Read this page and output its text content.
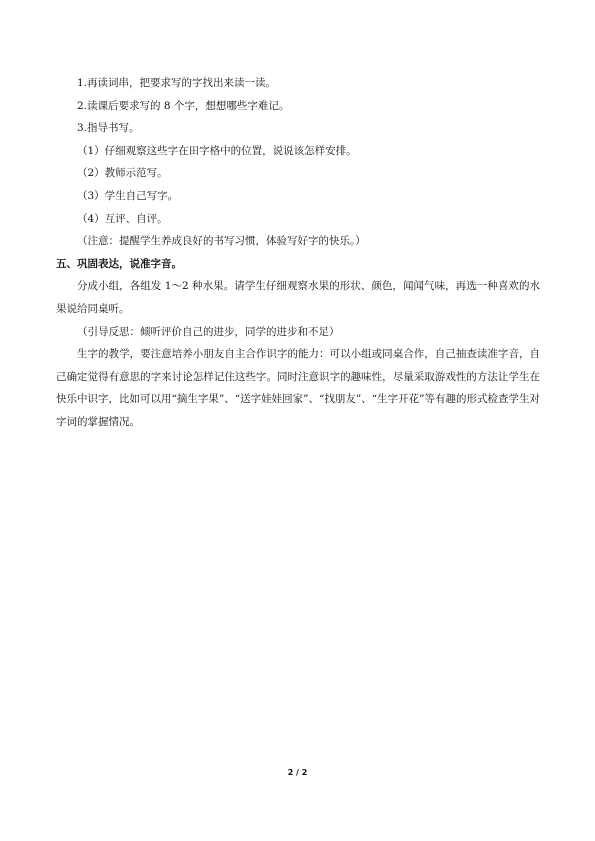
1.再读词串，把要求写的字找出来读一读。

2.读课后要求写的 8 个字，想想哪些字难记。

3.指导书写。

（1）仔细观察这些字在田字格中的位置，说说该怎样安排。

（2）教师示范写。

（3）学生自己写字。

（4）互评、自评。

（注意：提醒学生养成良好的书写习惯，体验写好字的快乐。）

五、巩固表达，说准字音。

分成小组，各组发 1～2 种水果。请学生仔细观察水果的形状、颜色，闻闻气味，再选一种喜欢的水果说给同桌听。

（引导反思：倾听评价自己的进步，同学的进步和不足）

生字的教学，要注意培养小朋友自主合作识字的能力：可以小组或同桌合作，自己抽查读准字音，自己确定觉得有意思的字来讨论怎样记住这些字。同时注意识字的趣味性，尽量采取游戏性的方法让学生在快乐中识字，比如可以用“摘生字果”、“送字娃娃回家”、“找朋友”、“生字开花”等有趣的形式检查学生对字词的掌握情况。

2 / 2
